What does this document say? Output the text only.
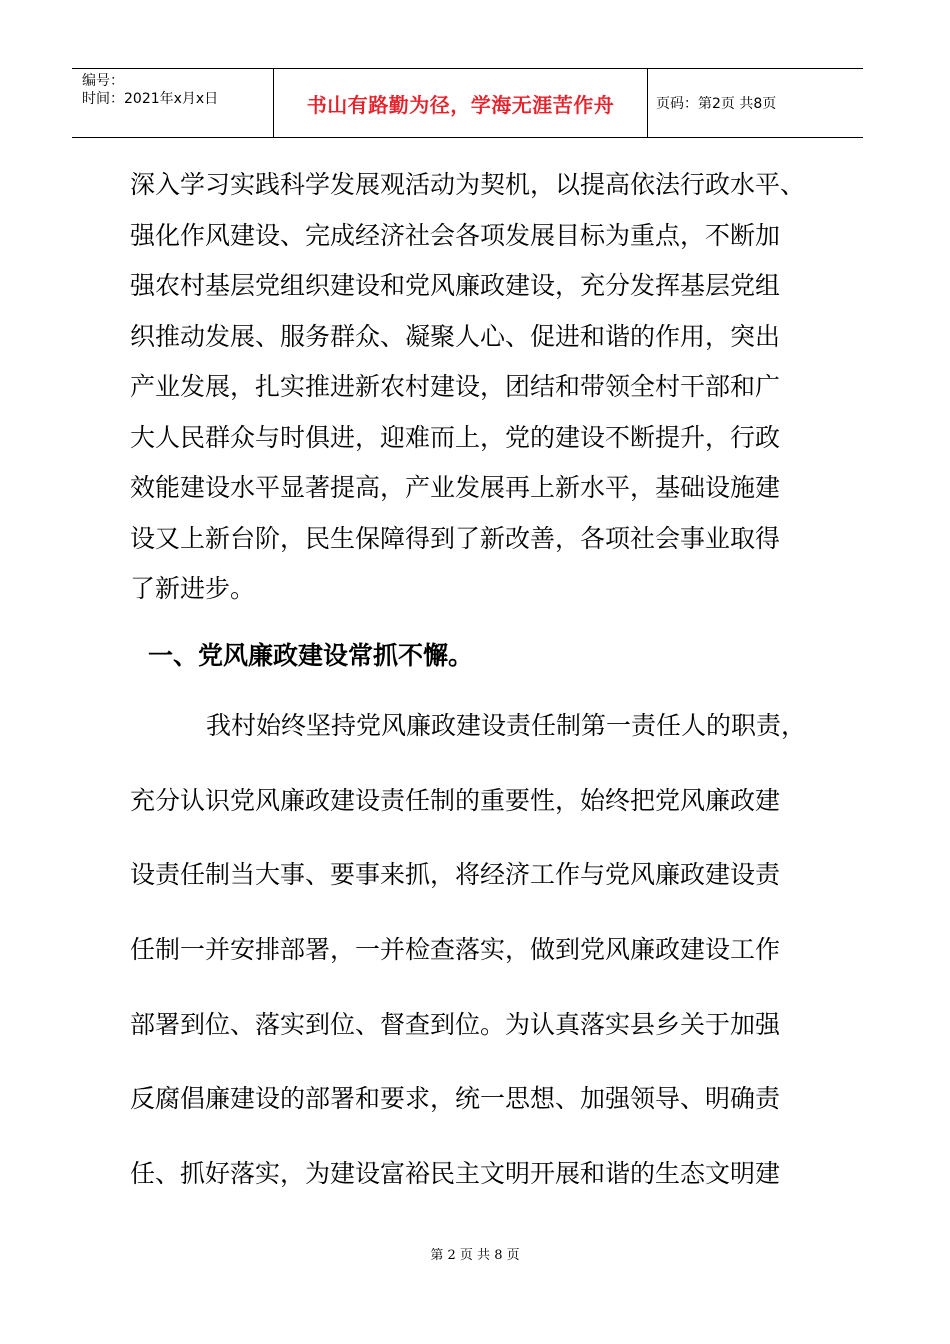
编号：
时间：2021年x月x日	书山有路勤为径，学海无涯苦作舟	页码：第2页 共8页
深入学习实践科学发展观活动为契机，以提高依法行政水平、
强化作风建设、完成经济社会各项发展目标为重点，不断加
强农村基层党组织建设和党风廉政建设，充分发挥基层党组
织推动发展、服务群众、凝聚人心、促进和谐的作用，突出
产业发展，扎实推进新农村建设，团结和带领全村干部和广
大人民群众与时俱进，迎难而上，党的建设不断提升，行政
效能建设水平显著提高，产业发展再上新水平，基础设施建
设又上新台阶，民生保障得到了新改善，各项社会事业取得
了新进步。
一、党风廉政建设常抓不懈。
我村始终坚持党风廉政建设责任制第一责任人的职责，
充分认识党风廉政建设责任制的重要性，始终把党风廉政建
设责任制当大事、要事来抓，将经济工作与党风廉政建设责
任制一并安排部署，一并检查落实，做到党风廉政建设工作
部署到位、落实到位、督查到位。为认真落实县乡关于加强
反腐倡廉建设的部署和要求，统一思想、加强领导、明确责
任、抓好落实，为建设富裕民主文明开展和谐的生态文明建
第 2 页 共 8 页
